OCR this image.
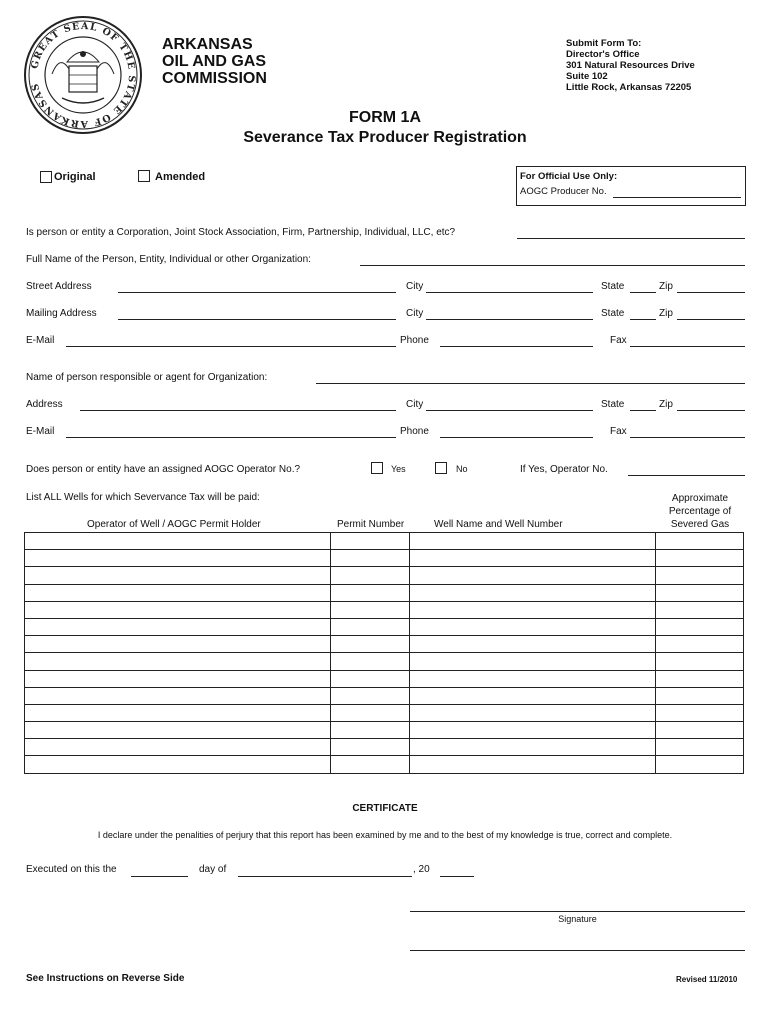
GREAT SEAL OF THE STATE OF ARKANSAS
ARKANSAS
OIL AND GAS
COMMISSION
Submit Form To:
Director's Office
301 Natural Resources Drive
Suite 102
Little Rock, Arkansas 72205
FORM 1A
Severance Tax Producer Registration
Original	Amended	For Official Use Only:
AOGC Producer No.
Is person or entity a Corporation, Joint Stock Association, Firm, Partnership, Individual, LLC, etc?
Full Name of the Person, Entity, Individual or other Organization:
Street Address	City	State	Zip
Mailing Address	City	State	Zip
E-Mail	Phone	Fax
Name of person responsible or agent for Organization:
Address	City	State	Zip
E-Mail	Phone	Fax
Does person or entity have an assigned AOGC Operator No.?	Yes	No	If Yes, Operator No.
List ALL Wells for which Severvance Tax will be paid:
Operator of Well / AOGC Permit Holder	Permit Number	Well Name and Well Number
Approximate
Percentage of
Severed Gas

CERTIFICATE
I declare under the penalities of perjury that this report has been examined by me and to the best of my knowledge is true, correct and complete.
Executed on this the	day of	, 20
Signature
See Instructions on Reverse Side	Revised 11/2010
